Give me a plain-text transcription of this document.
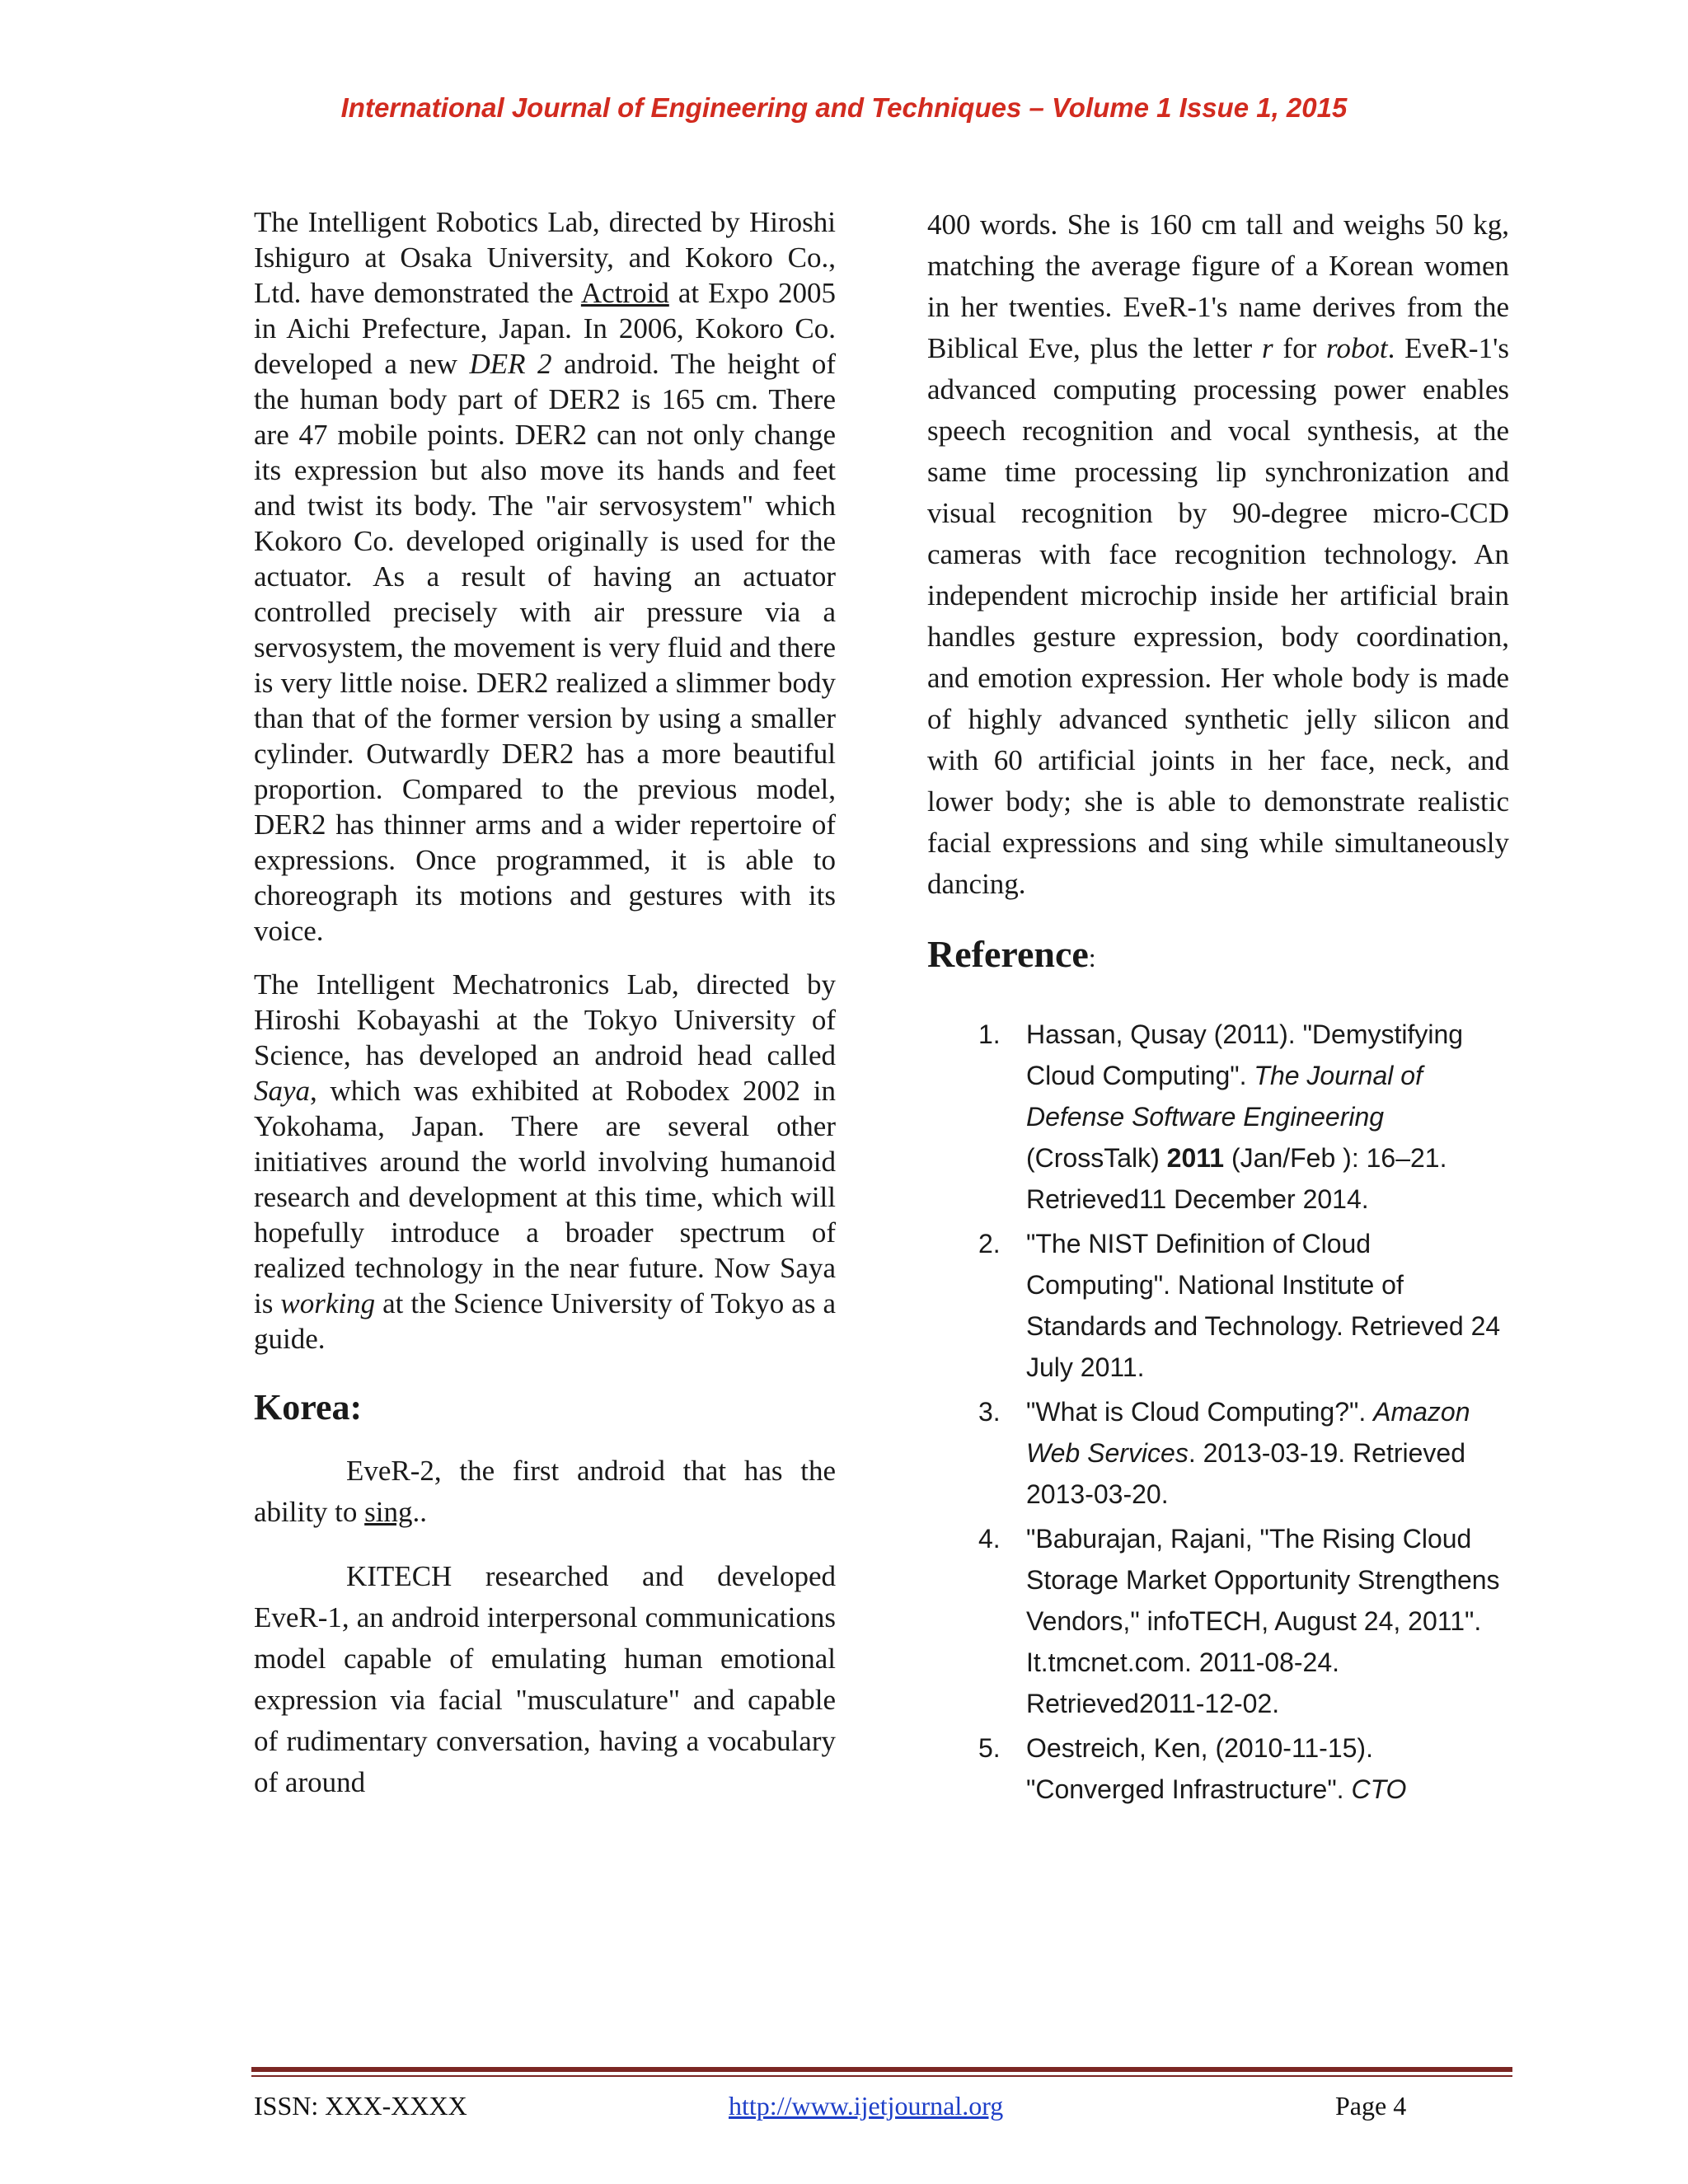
International Journal of Engineering and Techniques – Volume 1 Issue 1, 2015

The Intelligent Robotics Lab, directed by Hiroshi Ishiguro at Osaka University, and Kokoro Co., Ltd. have demonstrated the Actroid at Expo 2005 in Aichi Prefecture, Japan. In 2006, Kokoro Co. developed a new DER 2 android. The height of the human body part of DER2 is 165 cm. There are 47 mobile points. DER2 can not only change its expression but also move its hands and feet and twist its body. The "air servosystem" which Kokoro Co. developed originally is used for the actuator. As a result of having an actuator controlled precisely with air pressure via a servosystem, the movement is very fluid and there is very little noise. DER2 realized a slimmer body than that of the former version by using a smaller cylinder. Outwardly DER2 has a more beautiful proportion. Compared to the previous model, DER2 has thinner arms and a wider repertoire of expressions. Once programmed, it is able to choreograph its motions and gestures with its voice.

The Intelligent Mechatronics Lab, directed by Hiroshi Kobayashi at the Tokyo University of Science, has developed an android head called Saya, which was exhibited at Robodex 2002 in Yokohama, Japan. There are several other initiatives around the world involving humanoid research and development at this time, which will hopefully introduce a broader spectrum of realized technology in the near future. Now Saya is working at the Science University of Tokyo as a guide.

Korea:

EveR-2, the first android that has the ability to sing..

KITECH researched and developed EveR-1, an android interpersonal communications model capable of emulating human emotional expression via facial "musculature" and capable of rudimentary conversation, having a vocabulary of around

400 words. She is 160 cm tall and weighs 50 kg, matching the average figure of a Korean women in her twenties. EveR-1's name derives from the Biblical Eve, plus the letter r for robot. EveR-1's advanced computing processing power enables speech recognition and vocal synthesis, at the same time processing lip synchronization and visual recognition by 90-degree micro-CCD cameras with face recognition technology. An independent microchip inside her artificial brain handles gesture expression, body coordination, and emotion expression. Her whole body is made of highly advanced synthetic jelly silicon and with 60 artificial joints in her face, neck, and lower body; she is able to demonstrate realistic facial expressions and sing while simultaneously dancing.

Reference:
1. Hassan, Qusay (2011). "Demystifying Cloud Computing". The Journal of Defense Software Engineering (CrossTalk) 2011 (Jan/Feb ): 16–21. Retrieved11 December 2014.
2. "The NIST Definition of Cloud Computing". National Institute of Standards and Technology. Retrieved 24 July 2011.
3. "What is Cloud Computing?". Amazon Web Services. 2013-03-19. Retrieved 2013-03-20.
4. "Baburajan, Rajani, "The Rising Cloud Storage Market Opportunity Strengthens Vendors," infoTECH, August 24, 2011". It.tmcnet.com. 2011-08-24. Retrieved2011-12-02.
5. Oestreich, Ken, (2010-11-15). "Converged Infrastructure". CTO
ISSN: XXX-XXXX	http://www.ijetjournal.org	Page 4
